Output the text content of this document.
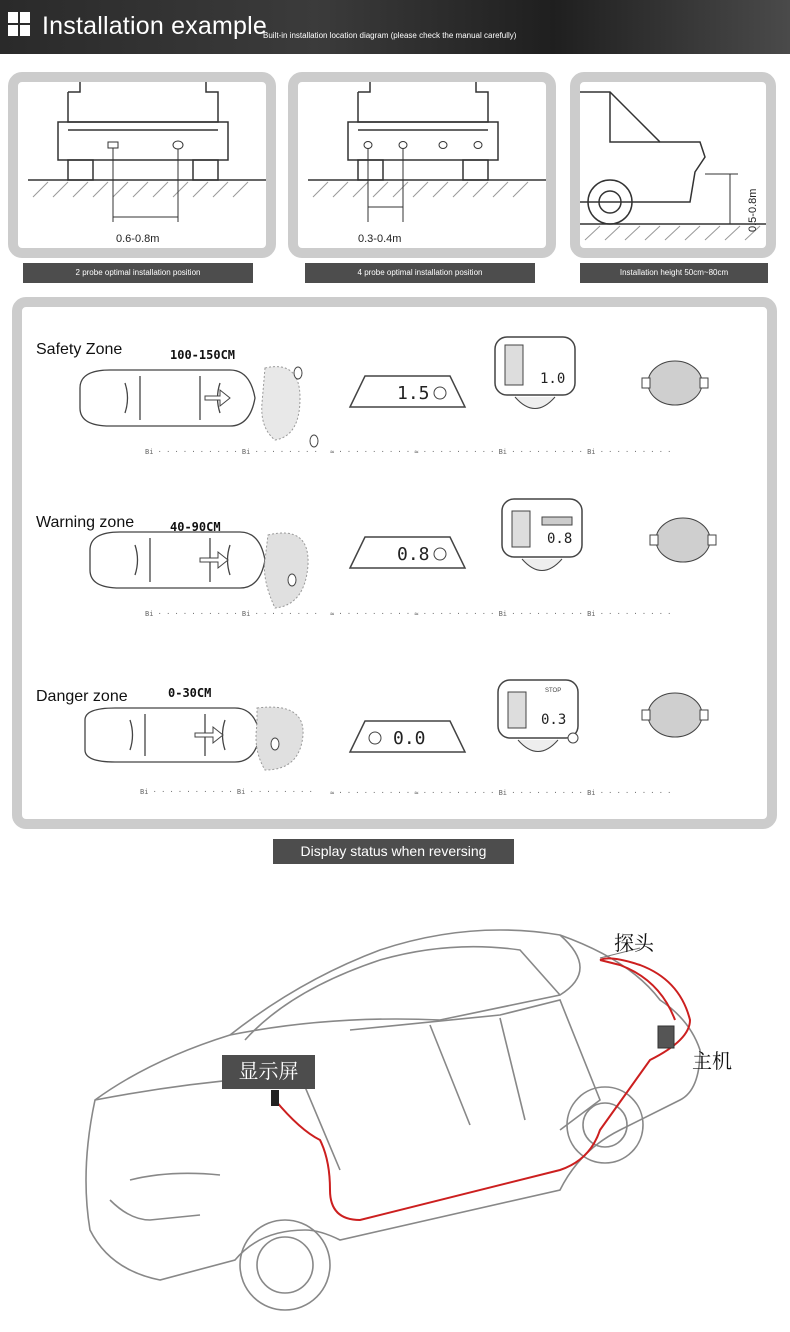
Installation example
Built-in installation location diagram (please check the manual carefully)
0.6-0.8m
2 probe optimal installation position
0.3-0.4m
4 probe optimal installation position
0.5-0.8m
Installation height 50cm~80cm
Safety Zone	100-150CM
Bi · · · · · · · · · · Bi · · · · · · · ·
1.5
1.0
≈ · · · · · · · · · ≈ · · · · · · · · · Bi · · · · · · · · · Bi · · · · · · · · ·
Warning zone	40-90CM
Bi · · · · · · · · · · Bi · · · · · · · ·
0.8
0.8
≈ · · · · · · · · · ≈ · · · · · · · · · Bi · · · · · · · · · Bi · · · · · · · · ·
Danger zone	0-30CM
Bi · · · · · · · · · · Bi · · · · · · · ·
0.0
STOP
0.3
≈ · · · · · · · · · ≈ · · · · · · · · · Bi · · · · · · · · · Bi · · · · · · · · ·
Display status when reversing
探头
主机
显示屏
